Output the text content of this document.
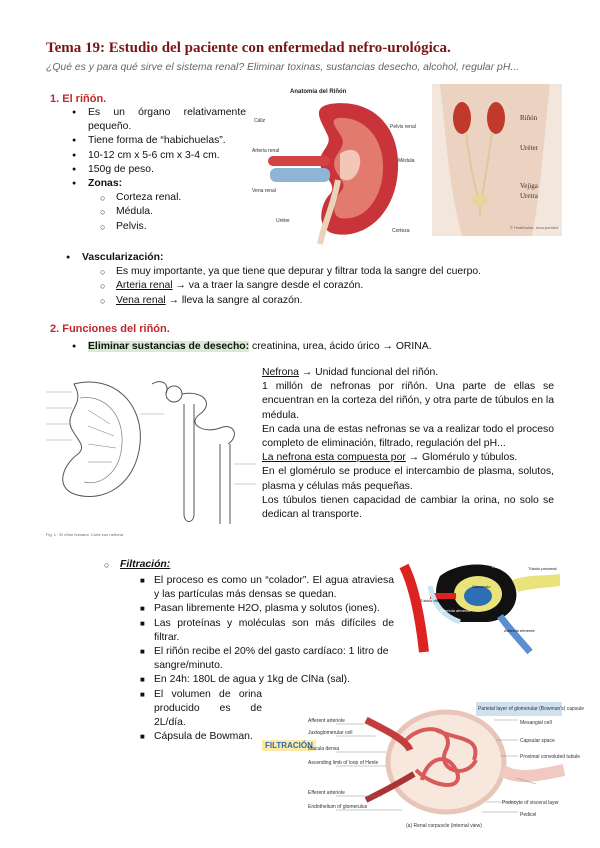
Tema 19: Estudio del paciente con enfermedad nefro-urológica.
¿Qué es y para qué sirve el sistema renal? Eliminar toxinas, sustancias desecho, alcohol, regular pH...
1. El riñón.
● Es un órgano relativamente pequeño.
● Tiene forma de “habichuelas”.
● 10-12 cm x 5-6 cm x 3-4 cm.
● 150g de peso.
● Zonas:
○ Corteza renal.
○ Médula.
○ Pelvis.
● Vascularización:
○ Es muy importante, ya que tiene que depurar y filtrar toda la sangre del cuerpo.
○ Arteria renal → va a traer la sangre desde el corazón.
○ Vena renal → lleva la sangre al corazón.
2. Funciones del riñón.
● Eliminar sustancias de desecho: creatinina, urea, ácido úrico → ORINA.
Nefrona → Unidad funcional del riñón.
1 millón de nefronas por riñón. Una parte de ellas se encuentran en la corteza del riñón, y otra parte de túbulos en la médula.
En cada una de estas nefronas se va a realizar todo el proceso completo de eliminación, filtrado, regulación del pH...
La nefrona esta compuesta por → Glomérulo y túbulos.
En el glomérulo se produce el intercambio de plasma, solutos, plasma y células más pequeñas.
Los túbulos tienen capacidad de cambiar la orina, no solo se dedican al transporte.
○ Filtración:
■ El proceso es como un “colador”. El agua atraviesa y las partículas más densas se quedan.
■ Pasan libremente H2O, plasma y solutos (iones).
■ Las proteínas y moléculas son más difíciles de filtrar.
■ El riñón recibe el 20% del gasto cardíaco: 1 litro de sangre/minuto.
■ En 24h: 180L de agua y 1kg de ClNa (sal).
■ El volumen de orina producido es de 2L/día.
■ Cápsula de Bowman.
Anatomía del Riñón
Cáliz
Pelvis renal
Arteria renal
Vena renal
Uréter
Corteza
Médula
Riñón
Uréter
Vejiga
Uretra
© Healthwise, Incorporated
Fig. 1 · El riñón humano. Corte con nefrona
Cápsula de Bowman Túbulo proximal
Túbulo distal
Glomérulo
Arteriola aferente
Arteriola eferente
FILTRACIÓN
Afferent arteriole
Juxtaglomerular cell
Macula densa
Ascending limb of loop of Henle
Efferent arteriole
Endothelium of glomerulus
Parietal layer of glomerular (Bowman's) capsule
Mesangial cell
Capsular space
Proximal convoluted tubule
Podocyte of visceral layer
Pedicel
(a) Renal corpuscle (internal view)
